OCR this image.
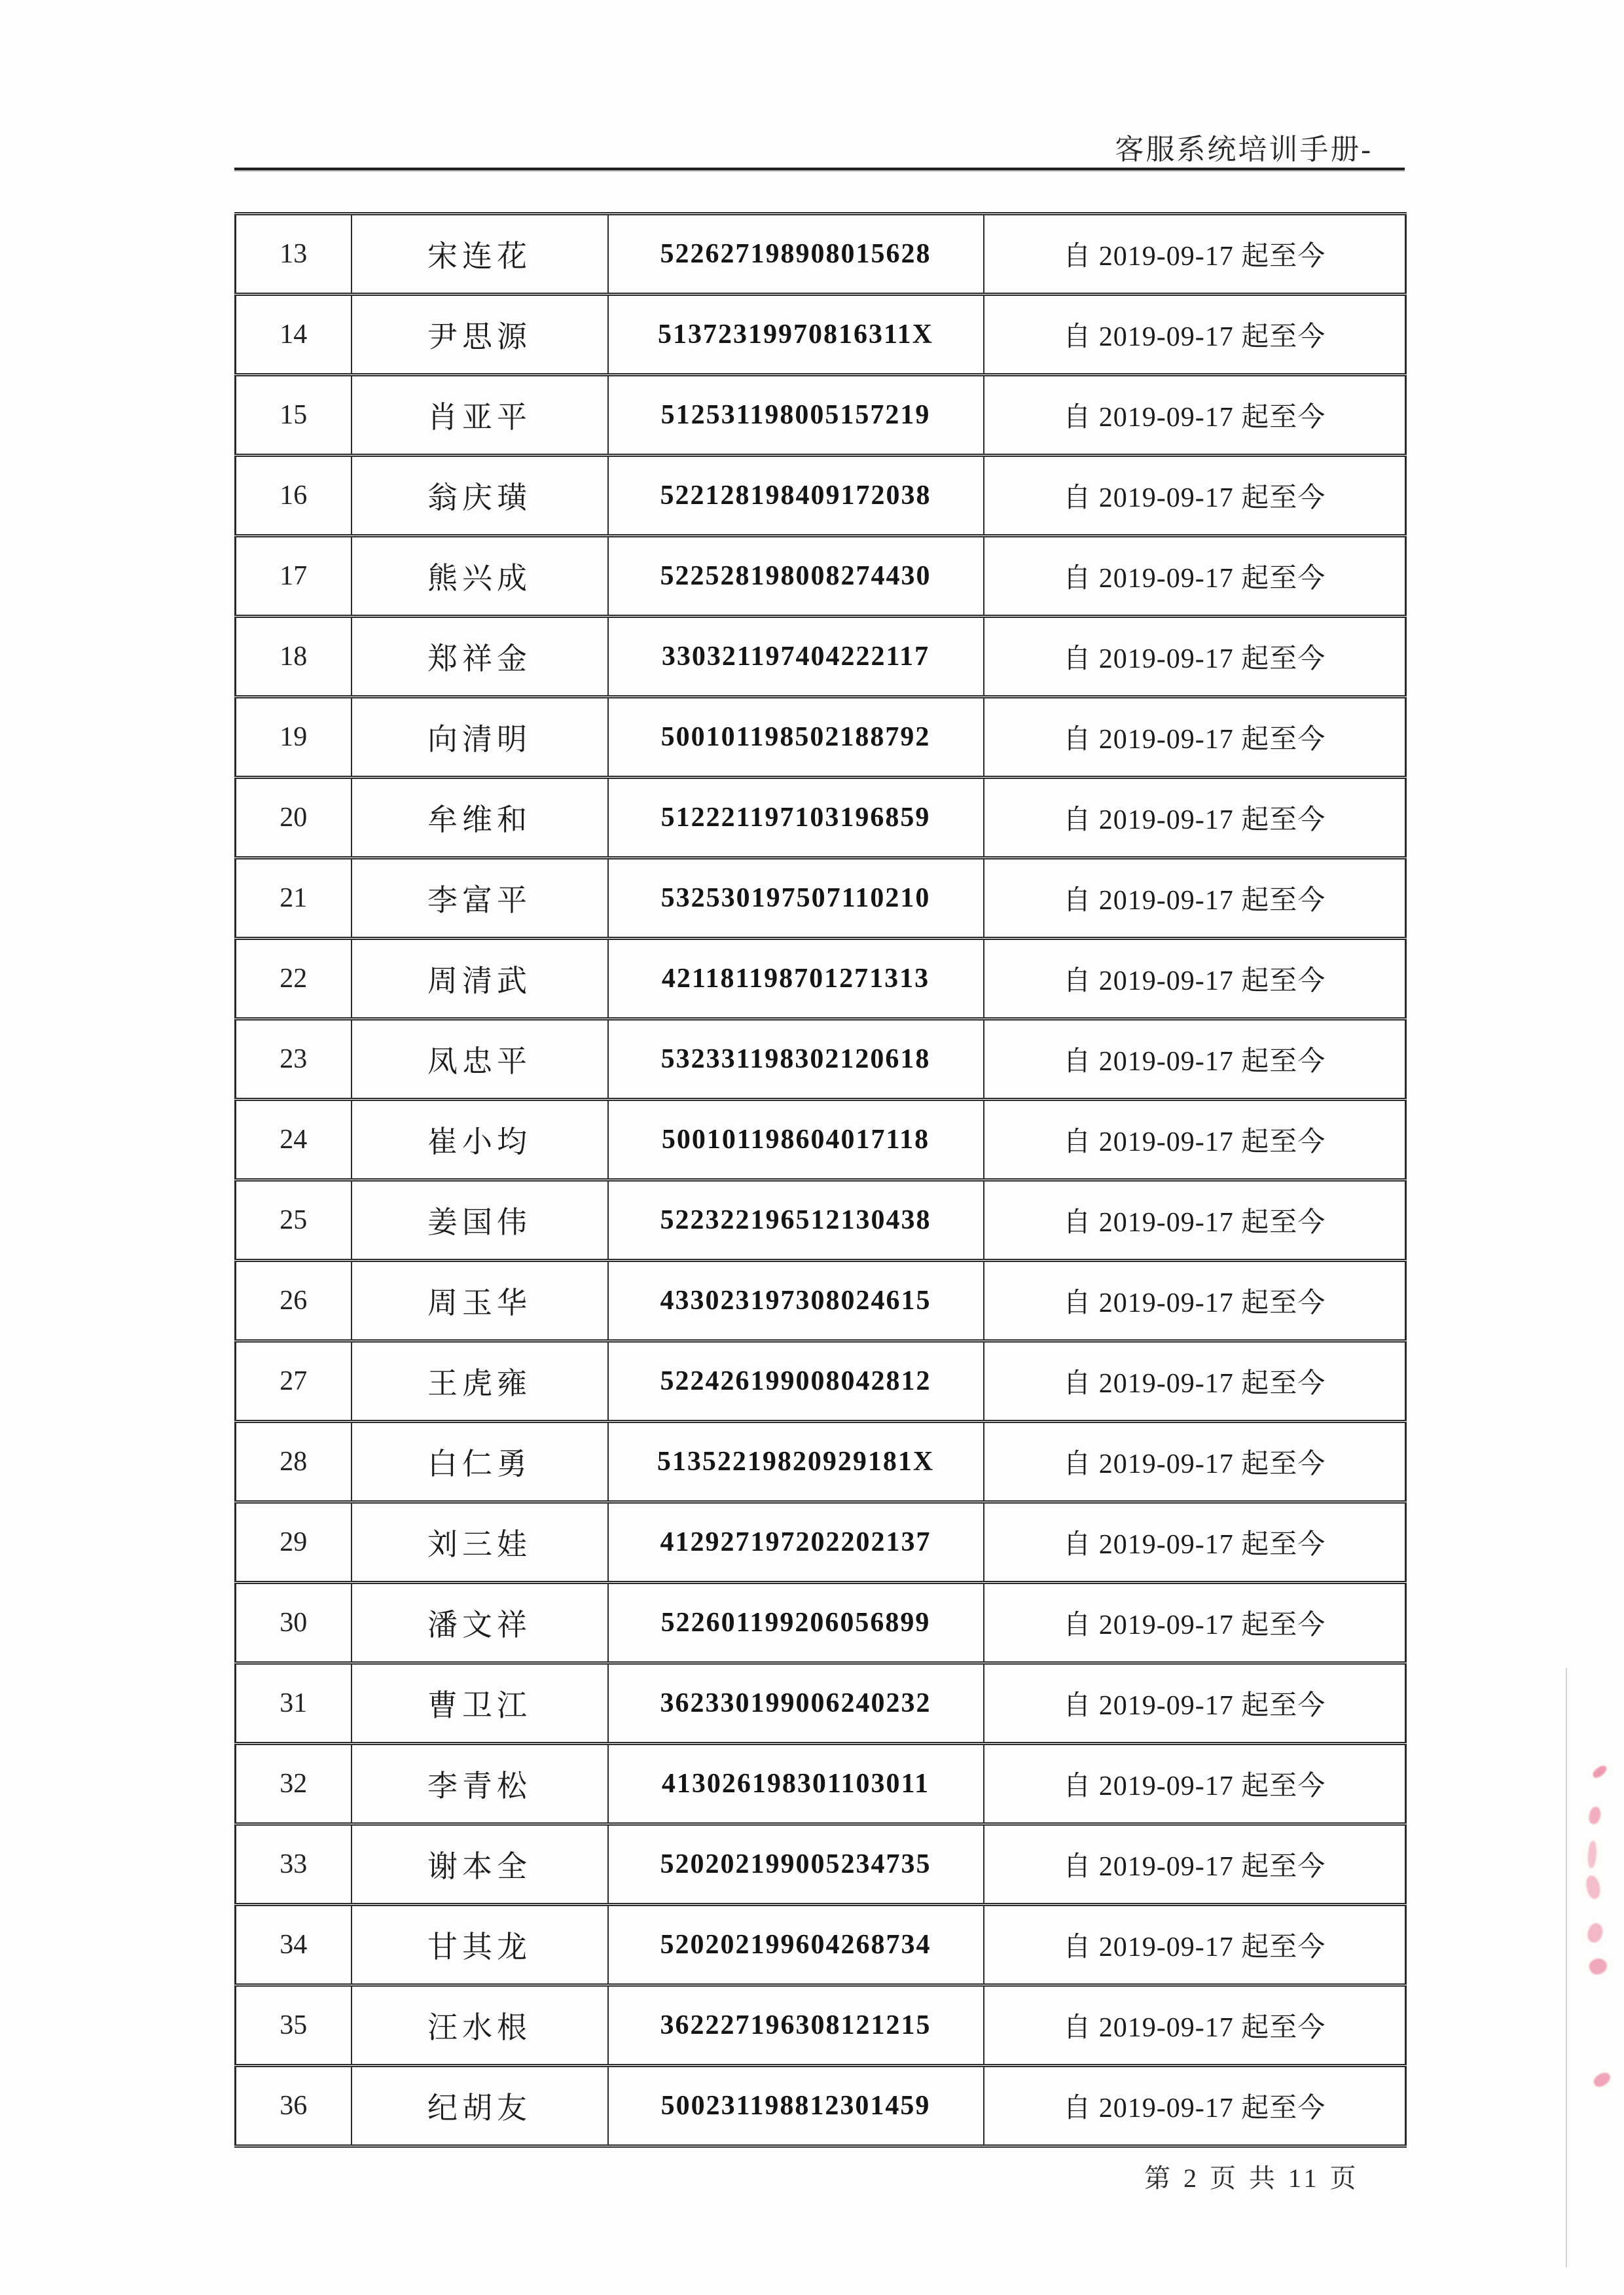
客服系统培训手册-
13	宋连花	522627198908015628	自 2019-09-17 起至今
14	尹思源	51372319970816311X	自 2019-09-17 起至今
15	肖亚平	512531198005157219	自 2019-09-17 起至今
16	翁庆璜	522128198409172038	自 2019-09-17 起至今
17	熊兴成	522528198008274430	自 2019-09-17 起至今
18	郑祥金	330321197404222117	自 2019-09-17 起至今
19	向清明	500101198502188792	自 2019-09-17 起至今
20	牟维和	512221197103196859	自 2019-09-17 起至今
21	李富平	532530197507110210	自 2019-09-17 起至今
22	周清武	421181198701271313	自 2019-09-17 起至今
23	凤忠平	532331198302120618	自 2019-09-17 起至今
24	崔小均	500101198604017118	自 2019-09-17 起至今
25	姜国伟	522322196512130438	自 2019-09-17 起至今
26	周玉华	433023197308024615	自 2019-09-17 起至今
27	王虎雍	522426199008042812	自 2019-09-17 起至今
28	白仁勇	51352219820929181X	自 2019-09-17 起至今
29	刘三娃	412927197202202137	自 2019-09-17 起至今
30	潘文祥	522601199206056899	自 2019-09-17 起至今
31	曹卫江	362330199006240232	自 2019-09-17 起至今
32	李青松	413026198301103011	自 2019-09-17 起至今
33	谢本全	520202199005234735	自 2019-09-17 起至今
34	甘其龙	520202199604268734	自 2019-09-17 起至今
35	汪水根	362227196308121215	自 2019-09-17 起至今
36	纪胡友	500231198812301459	自 2019-09-17 起至今
第 2 页 共 11 页
